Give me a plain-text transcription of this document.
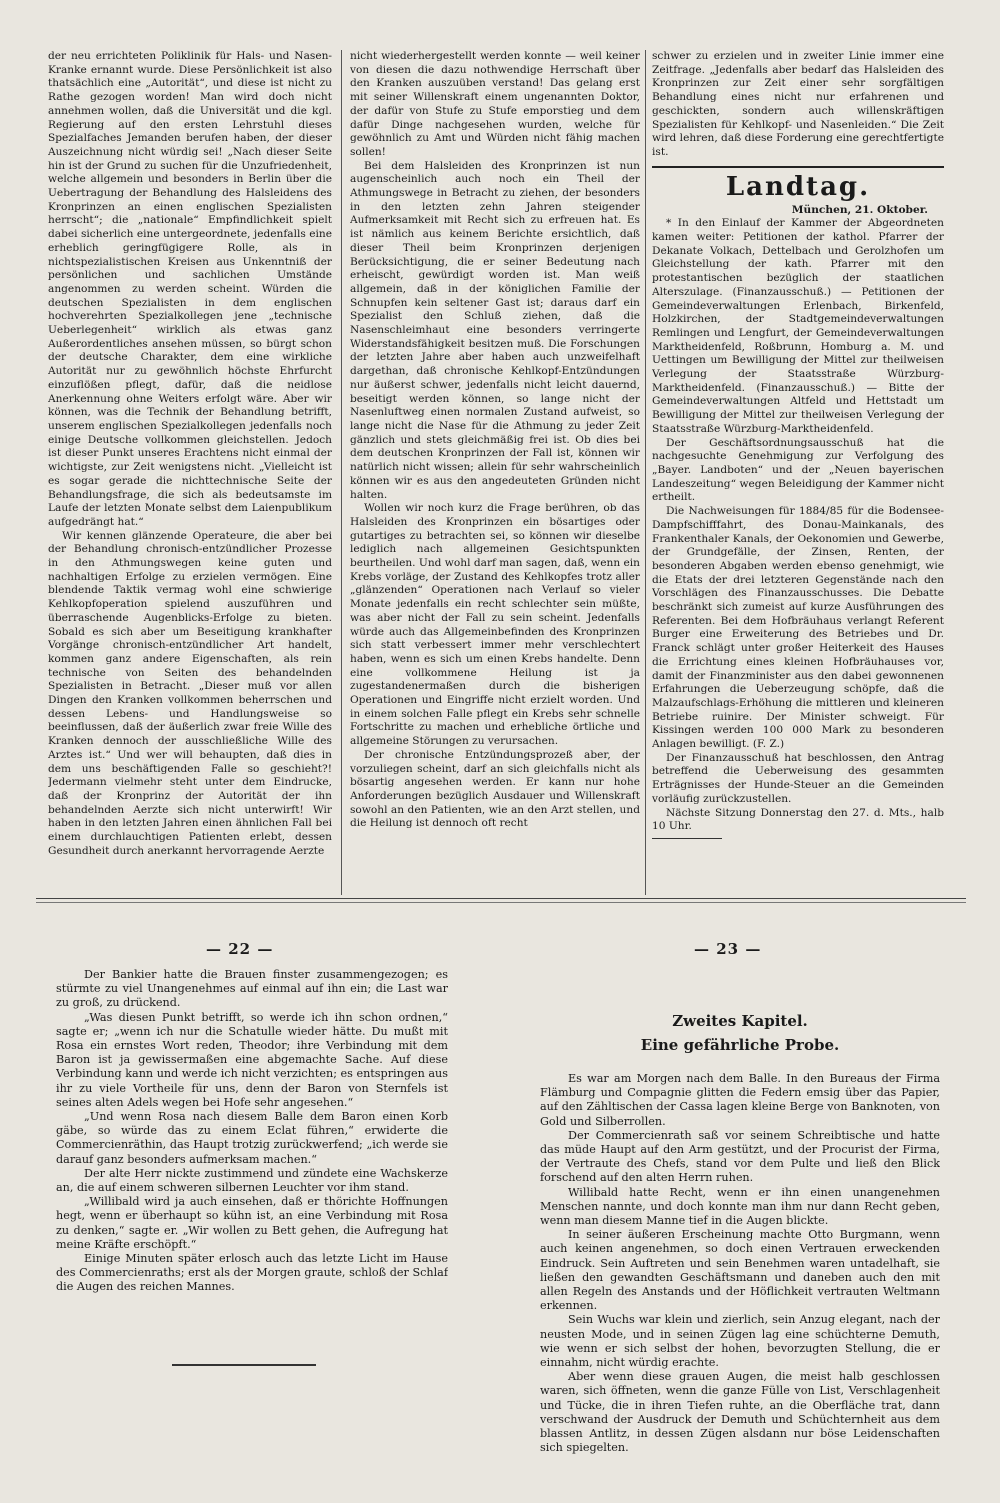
der neu errichteten Poliklinik für Hals- und Nasen-Kranke ernannt wurde. Diese Persönlichkeit ist also thatsächlich eine „Autorität“, und diese ist nicht zu Rathe gezogen worden! Man wird doch nicht annehmen wollen, daß die Universität und die kgl. Regierung auf den ersten Lehrstuhl dieses Spezialfaches Jemanden berufen haben, der dieser Auszeichnung nicht würdig sei! „Nach dieser Seite hin ist der Grund zu suchen für die Unzufriedenheit, welche allgemein und besonders in Berlin über die Uebertragung der Behandlung des Halsleidens des Kronprinzen an einen englischen Spezialisten herrscht“; die „nationale“ Empfindlichkeit spielt dabei sicherlich eine untergeordnete, jedenfalls eine erheblich geringfügigere Rolle, als in nichtspezialistischen Kreisen aus Unkenntniß der persönlichen und sachlichen Umstände angenommen zu werden scheint. Würden die deutschen Spezialisten in dem englischen hochverehrten Spezialkollegen jene „technische Ueberlegenheit“ wirklich als etwas ganz Außerordentliches ansehen müssen, so bürgt schon der deutsche Charakter, dem eine wirkliche Autorität nur zu gewöhnlich höchste Ehrfurcht einzuflößen pflegt, dafür, daß die neidlose Anerkennung ohne Weiters erfolgt wäre. Aber wir können, was die Technik der Behandlung betrifft, unserem englischen Spezialkollegen jedenfalls noch einige Deutsche vollkommen gleichstellen. Jedoch ist dieser Punkt unseres Erachtens nicht einmal der wichtigste, zur Zeit wenigstens nicht. „Vielleicht ist es sogar gerade die nichttechnische Seite der Behandlungsfrage, die sich als bedeutsamste im Laufe der letzten Monate selbst dem Laienpublikum aufgedrängt hat.“

Wir kennen glänzende Operateure, die aber bei der Behandlung chronisch-entzündlicher Prozesse in den Athmungswegen keine guten und nachhaltigen Erfolge zu erzielen vermögen. Eine blendende Taktik vermag wohl eine schwierige Kehlkopfoperation spielend auszuführen und überraschende Augenblicks-Erfolge zu bieten. Sobald es sich aber um Beseitigung krankhafter Vorgänge chronisch-entzündlicher Art handelt, kommen ganz andere Eigenschaften, als rein technische von Seiten des behandelnden Spezialisten in Betracht. „Dieser muß vor allen Dingen den Kranken vollkommen beherrschen und dessen Lebens- und Handlungsweise so beeinflussen, daß der äußerlich zwar freie Wille des Kranken dennoch der ausschließliche Wille des Arztes ist.“ Und wer will behaupten, daß dies in dem uns beschäftigenden Falle so geschieht?! Jedermann vielmehr steht unter dem Eindrucke, daß der Kronprinz der Autorität der ihn behandelnden Aerzte sich nicht unterwirft! Wir haben in den letzten Jahren einen ähnlichen Fall bei einem durchlauchtigen Patienten erlebt, dessen Gesundheit durch anerkannt hervorragende Aerzte

nicht wiederhergestellt werden konnte — weil keiner von diesen die dazu nothwendige Herrschaft über den Kranken auszuüben verstand! Das gelang erst mit seiner Willenskraft einem ungenannten Doktor, der dafür von Stufe zu Stufe emporstieg und dem dafür Dinge nachgesehen wurden, welche für gewöhnlich zu Amt und Würden nicht fähig machen sollen!

Bei dem Halsleiden des Kronprinzen ist nun augenscheinlich auch noch ein Theil der Athmungswege in Betracht zu ziehen, der besonders in den letzten zehn Jahren steigender Aufmerksamkeit mit Recht sich zu erfreuen hat. Es ist nämlich aus keinem Berichte ersichtlich, daß dieser Theil beim Kronprinzen derjenigen Berücksichtigung, die er seiner Bedeutung nach erheischt, gewürdigt worden ist. Man weiß allgemein, daß in der königlichen Familie der Schnupfen kein seltener Gast ist; daraus darf ein Spezialist den Schluß ziehen, daß die Nasenschleimhaut eine besonders verringerte Widerstandsfähigkeit besitzen muß. Die Forschungen der letzten Jahre aber haben auch unzweifelhaft dargethan, daß chronische Kehlkopf-Entzündungen nur äußerst schwer, jedenfalls nicht leicht dauernd, beseitigt werden können, so lange nicht der Nasenluftweg einen normalen Zustand aufweist, so lange nicht die Nase für die Athmung zu jeder Zeit gänzlich und stets gleichmäßig frei ist. Ob dies bei dem deutschen Kronprinzen der Fall ist, können wir natürlich nicht wissen; allein für sehr wahrscheinlich können wir es aus den angedeuteten Gründen nicht halten.

Wollen wir noch kurz die Frage berühren, ob das Halsleiden des Kronprinzen ein bösartiges oder gutartiges zu betrachten sei, so können wir dieselbe lediglich nach allgemeinen Gesichtspunkten beurtheilen. Und wohl darf man sagen, daß, wenn ein Krebs vorläge, der Zustand des Kehlkopfes trotz aller „glänzenden“ Operationen nach Verlauf so vieler Monate jedenfalls ein recht schlechter sein müßte, was aber nicht der Fall zu sein scheint. Jedenfalls würde auch das Allgemeinbefinden des Kronprinzen sich statt verbessert immer mehr verschlechtert haben, wenn es sich um einen Krebs handelte. Denn eine vollkommene Heilung ist ja zugestandenermaßen durch die bisherigen Operationen und Eingriffe nicht erzielt worden. Und in einem solchen Falle pflegt ein Krebs sehr schnelle Fortschritte zu machen und erhebliche örtliche und allgemeine Störungen zu verursachen.

Der chronische Entzündungsprozeß aber, der vorzuliegen scheint, darf an sich gleichfalls nicht als bösartig angesehen werden. Er kann nur hohe Anforderungen bezüglich Ausdauer und Willenskraft sowohl an den Patienten, wie an den Arzt stellen, und die Heilung ist dennoch oft recht

schwer zu erzielen und in zweiter Linie immer eine Zeitfrage. „Jedenfalls aber bedarf das Halsleiden des Kronprinzen zur Zeit einer sehr sorgfältigen Behandlung eines nicht nur erfahrenen und geschickten, sondern auch willenskräftigen Spezialisten für Kehlkopf- und Nasenleiden.“ Die Zeit wird lehren, daß diese Forderung eine gerechtfertigte ist.

Landtag.
München, 21. Oktober.

* In den Einlauf der Kammer der Abgeordneten kamen weiter: Petitionen der kathol. Pfarrer der Dekanate Volkach, Dettelbach und Gerolzhofen um Gleichstellung der kath. Pfarrer mit den protestantischen bezüglich der staatlichen Alterszulage. (Finanzausschuß.) — Petitionen der Gemeindeverwaltungen Erlenbach, Birkenfeld, Holzkirchen, der Stadtgemeindeverwaltungen Remlingen und Lengfurt, der Gemeindeverwaltungen Marktheidenfeld, Roßbrunn, Homburg a. M. und Uettingen um Bewilligung der Mittel zur theilweisen Verlegung der Staatsstraße Würzburg-Marktheidenfeld. (Finanzausschuß.) — Bitte der Gemeindeverwaltungen Altfeld und Hettstadt um Bewilligung der Mittel zur theilweisen Verlegung der Staatsstraße Würzburg-Marktheidenfeld.

Der Geschäftsordnungsausschuß hat die nachgesuchte Genehmigung zur Verfolgung des „Bayer. Landboten“ und der „Neuen bayerischen Landeszeitung“ wegen Beleidigung der Kammer nicht ertheilt.

Die Nachweisungen für 1884/85 für die Bodensee-Dampfschifffahrt, des Donau-Mainkanals, des Frankenthaler Kanals, der Oekonomien und Gewerbe, der Grundgefälle, der Zinsen, Renten, der besonderen Abgaben werden ebenso genehmigt, wie die Etats der drei letzteren Gegenstände nach den Vorschlägen des Finanzausschusses. Die Debatte beschränkt sich zumeist auf kurze Ausführungen des Referenten. Bei dem Hofbräuhaus verlangt Referent Burger eine Erweiterung des Betriebes und Dr. Franck schlägt unter großer Heiterkeit des Hauses die Errichtung eines kleinen Hofbräuhauses vor, damit der Finanzminister aus den dabei gewonnenen Erfahrungen die Ueberzeugung schöpfe, daß die Malzaufschlags-Erhöhung die mittleren und kleineren Betriebe ruinire. Der Minister schweigt. Für Kissingen werden 100 000 Mark zu besonderen Anlagen bewilligt. (F. Z.)

Der Finanzausschuß hat beschlossen, den Antrag betreffend die Ueberweisung des gesammten Erträgnisses der Hunde-Steuer an die Gemeinden vorläufig zurückzustellen.

Nächste Sitzung Donnerstag den 27. d. Mts., halb 10 Uhr.

— 22 —	— 23 —

Der Bankier hatte die Brauen finster zusammengezogen; es stürmte zu viel Unangenehmes auf einmal auf ihn ein; die Last war zu groß, zu drückend.

„Was diesen Punkt betrifft, so werde ich ihn schon ordnen,“ sagte er; „wenn ich nur die Schatulle wieder hätte. Du mußt mit Rosa ein ernstes Wort reden, Theodor; ihre Verbindung mit dem Baron ist ja gewissermaßen eine abgemachte Sache. Auf diese Verbindung kann und werde ich nicht verzichten; es entspringen aus ihr zu viele Vortheile für uns, denn der Baron von Sternfels ist seines alten Adels wegen bei Hofe sehr angesehen.“

„Und wenn Rosa nach diesem Balle dem Baron einen Korb gäbe, so würde das zu einem Eclat führen,“ erwiderte die Commercienräthin, das Haupt trotzig zurückwerfend; „ich werde sie darauf ganz besonders aufmerksam machen.“

Der alte Herr nickte zustimmend und zündete eine Wachskerze an, die auf einem schweren silbernen Leuchter vor ihm stand.

„Willibald wird ja auch einsehen, daß er thörichte Hoffnungen hegt, wenn er überhaupt so kühn ist, an eine Verbindung mit Rosa zu denken,“ sagte er. „Wir wollen zu Bett gehen, die Aufregung hat meine Kräfte erschöpft.“

Einige Minuten später erlosch auch das letzte Licht im Hause des Commercienraths; erst als der Morgen graute, schloß der Schlaf die Augen des reichen Mannes.

Zweites Kapitel.
Eine gefährliche Probe.

Es war am Morgen nach dem Balle. In den Bureaus der Firma Flämburg und Compagnie glitten die Federn emsig über das Papier, auf den Zähltischen der Cassa lagen kleine Berge von Banknoten, von Gold und Silberrollen.

Der Commercienrath saß vor seinem Schreibtische und hatte das müde Haupt auf den Arm gestützt, und der Procurist der Firma, der Vertraute des Chefs, stand vor dem Pulte und ließ den Blick forschend auf den alten Herrn ruhen.

Willibald hatte Recht, wenn er ihn einen unangenehmen Menschen nannte, und doch konnte man ihm nur dann Recht geben, wenn man diesem Manne tief in die Augen blickte.

In seiner äußeren Erscheinung machte Otto Burgmann, wenn auch keinen angenehmen, so doch einen Vertrauen erweckenden Eindruck. Sein Auftreten und sein Benehmen waren untadelhaft, sie ließen den gewandten Geschäftsmann und daneben auch den mit allen Regeln des Anstands und der Höflichkeit vertrauten Weltmann erkennen.

Sein Wuchs war klein und zierlich, sein Anzug elegant, nach der neusten Mode, und in seinen Zügen lag eine schüchterne Demuth, wie wenn er sich selbst der hohen, bevorzugten Stellung, die er einnahm, nicht würdig erachte.

Aber wenn diese grauen Augen, die meist halb geschlossen waren, sich öffneten, wenn die ganze Fülle von List, Verschlagenheit und Tücke, die in ihren Tiefen ruhte, an die Oberfläche trat, dann verschwand der Ausdruck der Demuth und Schüchternheit aus dem blassen Antlitz, in dessen Zügen alsdann nur böse Leidenschaften sich spiegelten.
